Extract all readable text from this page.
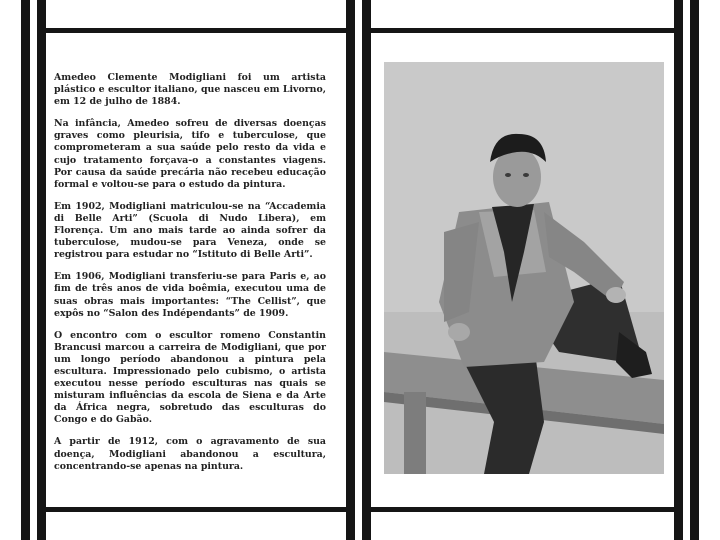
Amedeo Clemente Modigliani foi um artista plástico e escultor italiano, que nasceu em Livorno, em 12 de julho de 1884.

Na infância, Amedeo sofreu de diversas doenças graves como pleurisia, tifo e tuberculose, que comprometeram a sua saúde pelo resto da vida e cujo tratamento forçava-o a constantes viagens. Por causa da saúde precária não recebeu educação formal e voltou-se para o estudo da pintura.

Em 1902, Modigliani matriculou-se na “Accademia di Belle Arti” (Scuola di Nudo Libera), em Florença. Um ano mais tarde ao ainda sofrer da tuberculose, mudou-se para Veneza, onde se registrou para estudar no “Istituto di Belle Arti”.

Em 1906, Modigliani transferiu-se para Paris e, ao fim de três anos de vida boêmia, executou uma de suas obras mais importantes: “The Cellist”, que expôs no “Salon des Indépendants” de 1909.

O encontro com o escultor romeno Constantin Brancusi marcou a carreira de Modigliani, que por um longo período abandonou a pintura pela escultura. Impressionado pelo cubismo, o artista executou nesse período esculturas nas quais se misturam influências da escola de Siena e da Arte da África negra, sobretudo das esculturas do Congo e do Gabão.

A partir de 1912, com o agravamento de sua doença, Modigliani abandonou a escultura, concentrando-se apenas na pintura.
